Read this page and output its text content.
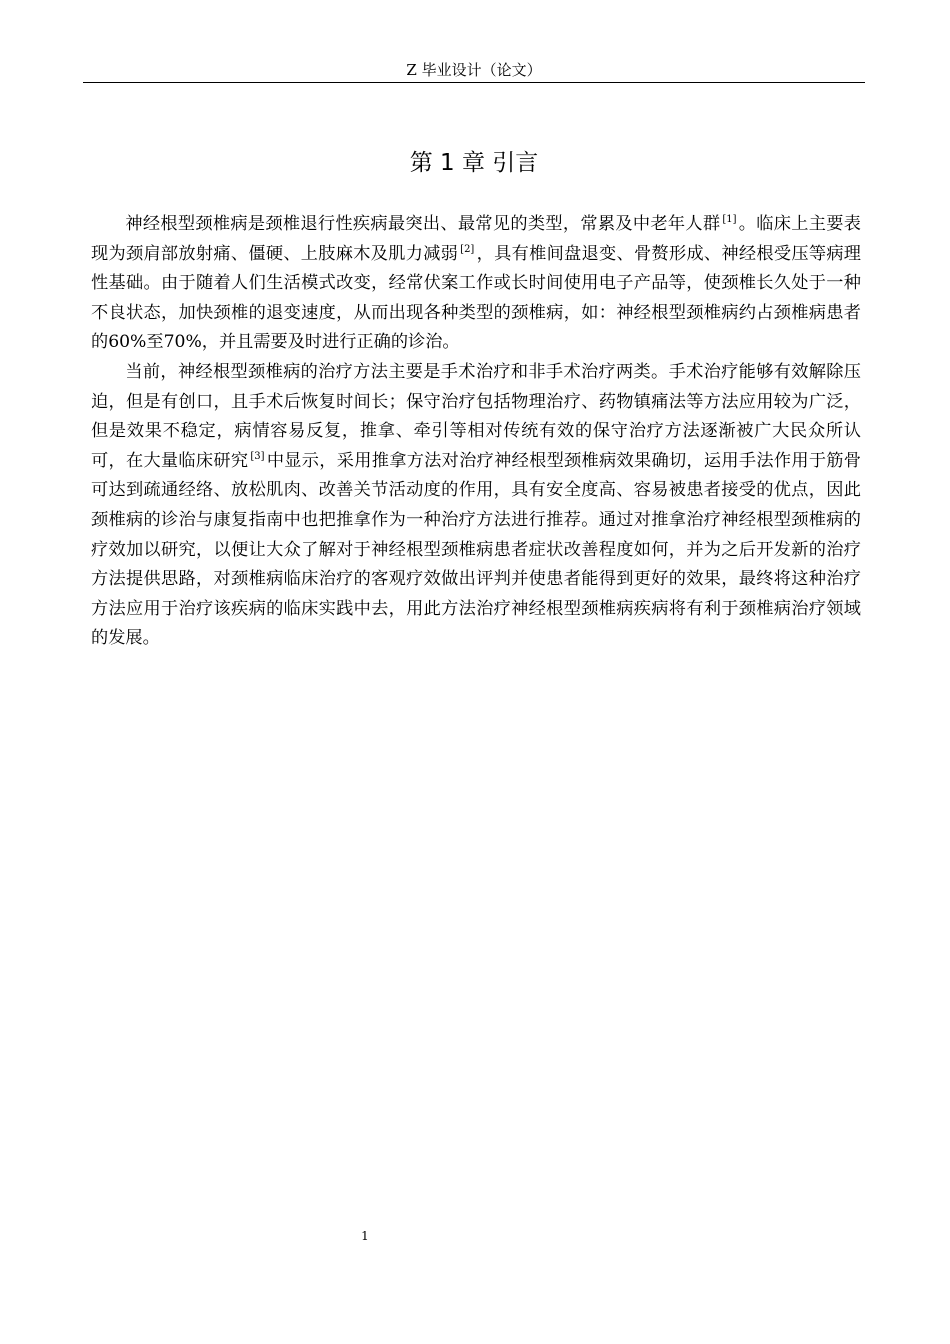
Z 毕业设计（论文）
第 1 章 引言

神经根型颈椎病是颈椎退行性疾病最突出、最常见的类型，常累及中老年人群 [1] 。临床上主要表现为颈肩部放射痛、僵硬、上肢麻木及肌力减弱 [2] ，具有椎间盘退变、骨赘形成、神经根受压等病理性基础。由于随着人们生活模式改变，经常伏案工作或长时间使用电子产品等，使颈椎长久处于一种不良状态，加快颈椎的退变速度，从而出现各种类型的颈椎病，如：神经根型颈椎病约占颈椎病患者的60%至70%，并且需要及时进行正确的诊治。

当前，神经根型颈椎病的治疗方法主要是手术治疗和非手术治疗两类。手术治疗能够有效解除压迫，但是有创口，且手术后恢复时间长；保守治疗包括物理治疗、药物镇痛法等方法应用较为广泛，但是效果不稳定，病情容易反复，推拿、牵引等相对传统有效的保守治疗方法逐渐被广大民众所认可，在大量临床研究 [3] 中显示，采用推拿方法对治疗神经根型颈椎病效果确切，运用手法作用于筋骨可达到疏通经络、放松肌肉、改善关节活动度的作用，具有安全度高、容易被患者接受的优点，因此颈椎病的诊治与康复指南中也把推拿作为一种治疗方法进行推荐。通过对推拿治疗神经根型颈椎病的疗效加以研究，以便让大众了解对于神经根型颈椎病患者症状改善程度如何，并为之后开发新的治疗方法提供思路，对颈椎病临床治疗的客观疗效做出评判并使患者能得到更好的效果，最终将这种治疗方法应用于治疗该疾病的临床实践中去，用此方法治疗神经根型颈椎病疾病将有利于颈椎病治疗领域的发展。

1
